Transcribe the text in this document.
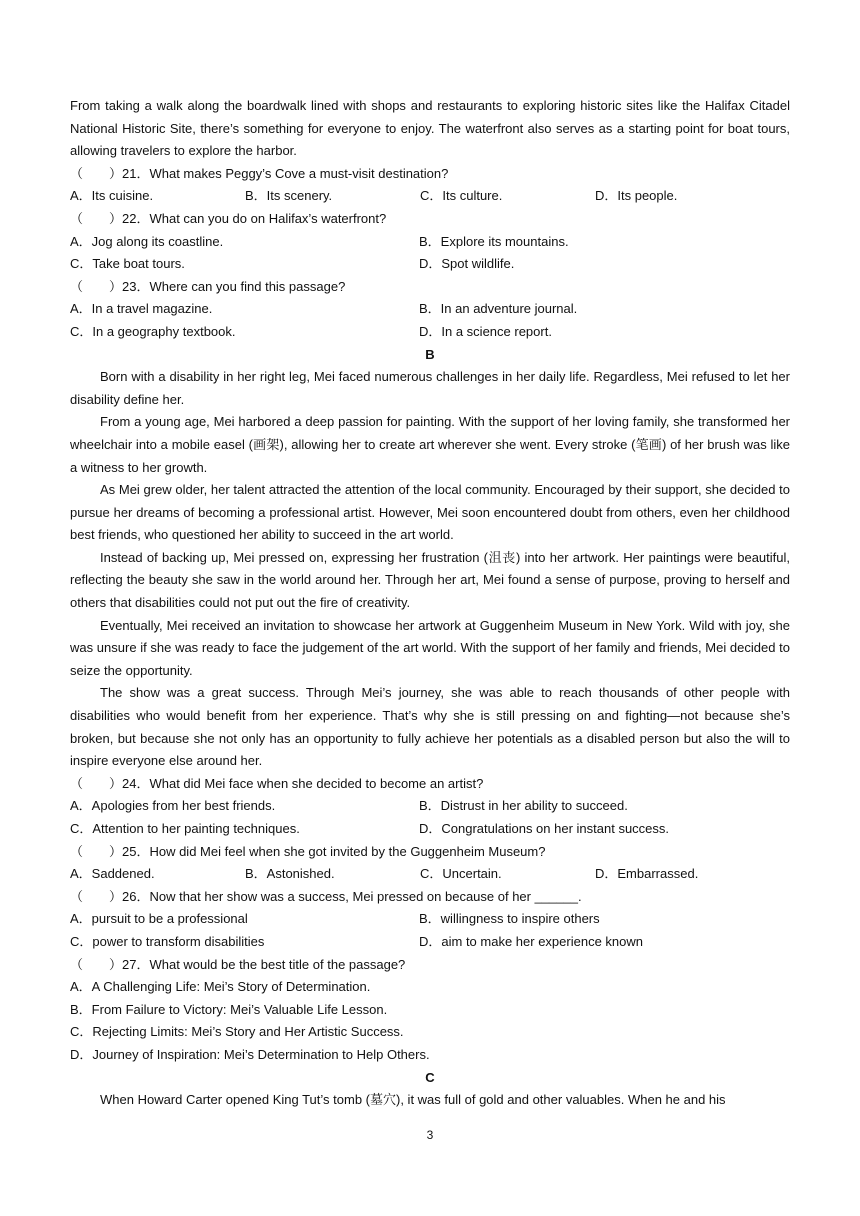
From taking a walk along the boardwalk lined with shops and restaurants to exploring historic sites like the Halifax Citadel National Historic Site, there’s something for everyone to enjoy. The waterfront also serves as a starting point for boat tours, allowing travelers to explore the harbor.

（　　）21．What makes Peggy’s Cove a must-visit destination?

A．Its cuisine.	B．Its scenery.	C．Its culture.	D．Its people.

（　　）22．What can you do on Halifax’s waterfront?

A．Jog along its coastline.	B．Explore its mountains.
C．Take boat tours.	D．Spot wildlife.

（　　）23．Where can you find this passage?

A．In a travel magazine.	B．In an adventure journal.
C．In a geography textbook.	D．In a science report.
B

Born with a disability in her right leg, Mei faced numerous challenges in her daily life. Regardless, Mei refused to let her disability define her.

From a young age, Mei harbored a deep passion for painting. With the support of her loving family, she transformed her wheelchair into a mobile easel (画架), allowing her to create art wherever she went. Every stroke (笔画) of her brush was like a witness to her growth.

As Mei grew older, her talent attracted the attention of the local community. Encouraged by their support, she decided to pursue her dreams of becoming a professional artist. However, Mei soon encountered doubt from others, even her childhood best friends, who questioned her ability to succeed in the art world.

Instead of backing up, Mei pressed on, expressing her frustration (沮丧) into her artwork. Her paintings were beautiful, reflecting the beauty she saw in the world around her. Through her art, Mei found a sense of purpose, proving to herself and others that disabilities could not put out the fire of creativity.

Eventually, Mei received an invitation to showcase her artwork at Guggenheim Museum in New York. Wild with joy, she was unsure if she was ready to face the judgement of the art world. With the support of her family and friends, Mei decided to seize the opportunity.

The show was a great success. Through Mei’s journey, she was able to reach thousands of other people with disabilities who would benefit from her experience. That’s why she is still pressing on and fighting—not because she’s broken, but because she not only has an opportunity to fully achieve her potentials as a disabled person but also the will to inspire everyone else around her.

（　　）24．What did Mei face when she decided to become an artist?

A．Apologies from her best friends.	B．Distrust in her ability to succeed.
C．Attention to her painting techniques.	D．Congratulations on her instant success.

（　　）25．How did Mei feel when she got invited by the Guggenheim Museum?

A．Saddened.	B．Astonished.	C．Uncertain.	D．Embarrassed.

（　　）26．Now that her show was a success, Mei pressed on because of her ______.

A．pursuit to be a professional	B．willingness to inspire others
C．power to transform disabilities	D．aim to make her experience known

（　　）27．What would be the best title of the passage?

A．A Challenging Life: Mei’s Story of Determination.

B．From Failure to Victory: Mei’s Valuable Life Lesson.

C．Rejecting Limits: Mei’s Story and Her Artistic Success.

D．Journey of Inspiration: Mei’s Determination to Help Others.

C

When Howard Carter opened King Tut’s tomb (墓穴), it was full of gold and other valuables. When he and his

3
